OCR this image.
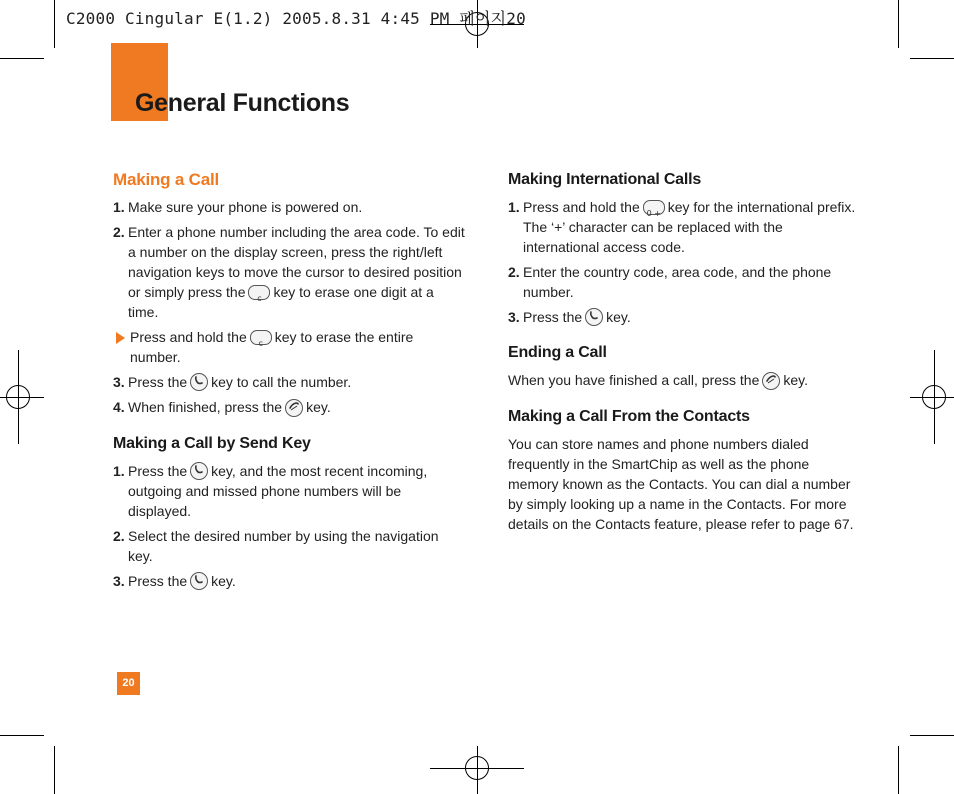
C2000 Cingular E(1.2) 2005.8.31 4:45 PM 페이지20
General Functions
Making a Call
1. Make sure your phone is powered on.

2. Enter a phone number including the area code. To edit a number on the display screen, press the right/left navigation keys to move the cursor to desired position or simply press the c key to erase one digit at a time.

Press and hold the c key to erase the entire number.

3. Press the key to call the number.

4. When finished, press the key.

Making a Call by Send Key
1. Press the key, and the most recent incoming, outgoing and missed phone numbers will be displayed.

2. Select the desired number by using the navigation key.

3. Press the key.

Making International Calls
1. Press and hold the 0 + key for the international prefix. The ‘+’ character can be replaced with the international access code.

2. Enter the country code, area code, and the phone number.

3. Press the key.

Ending a Call

When you have finished a call, press the key.

Making a Call From the Contacts

You can store names and phone numbers dialed frequently in the SmartChip as well as the phone memory known as the Contacts. You can dial a number by simply looking up a name in the Contacts. For more details on the Contacts feature, please refer to page 67.

20
